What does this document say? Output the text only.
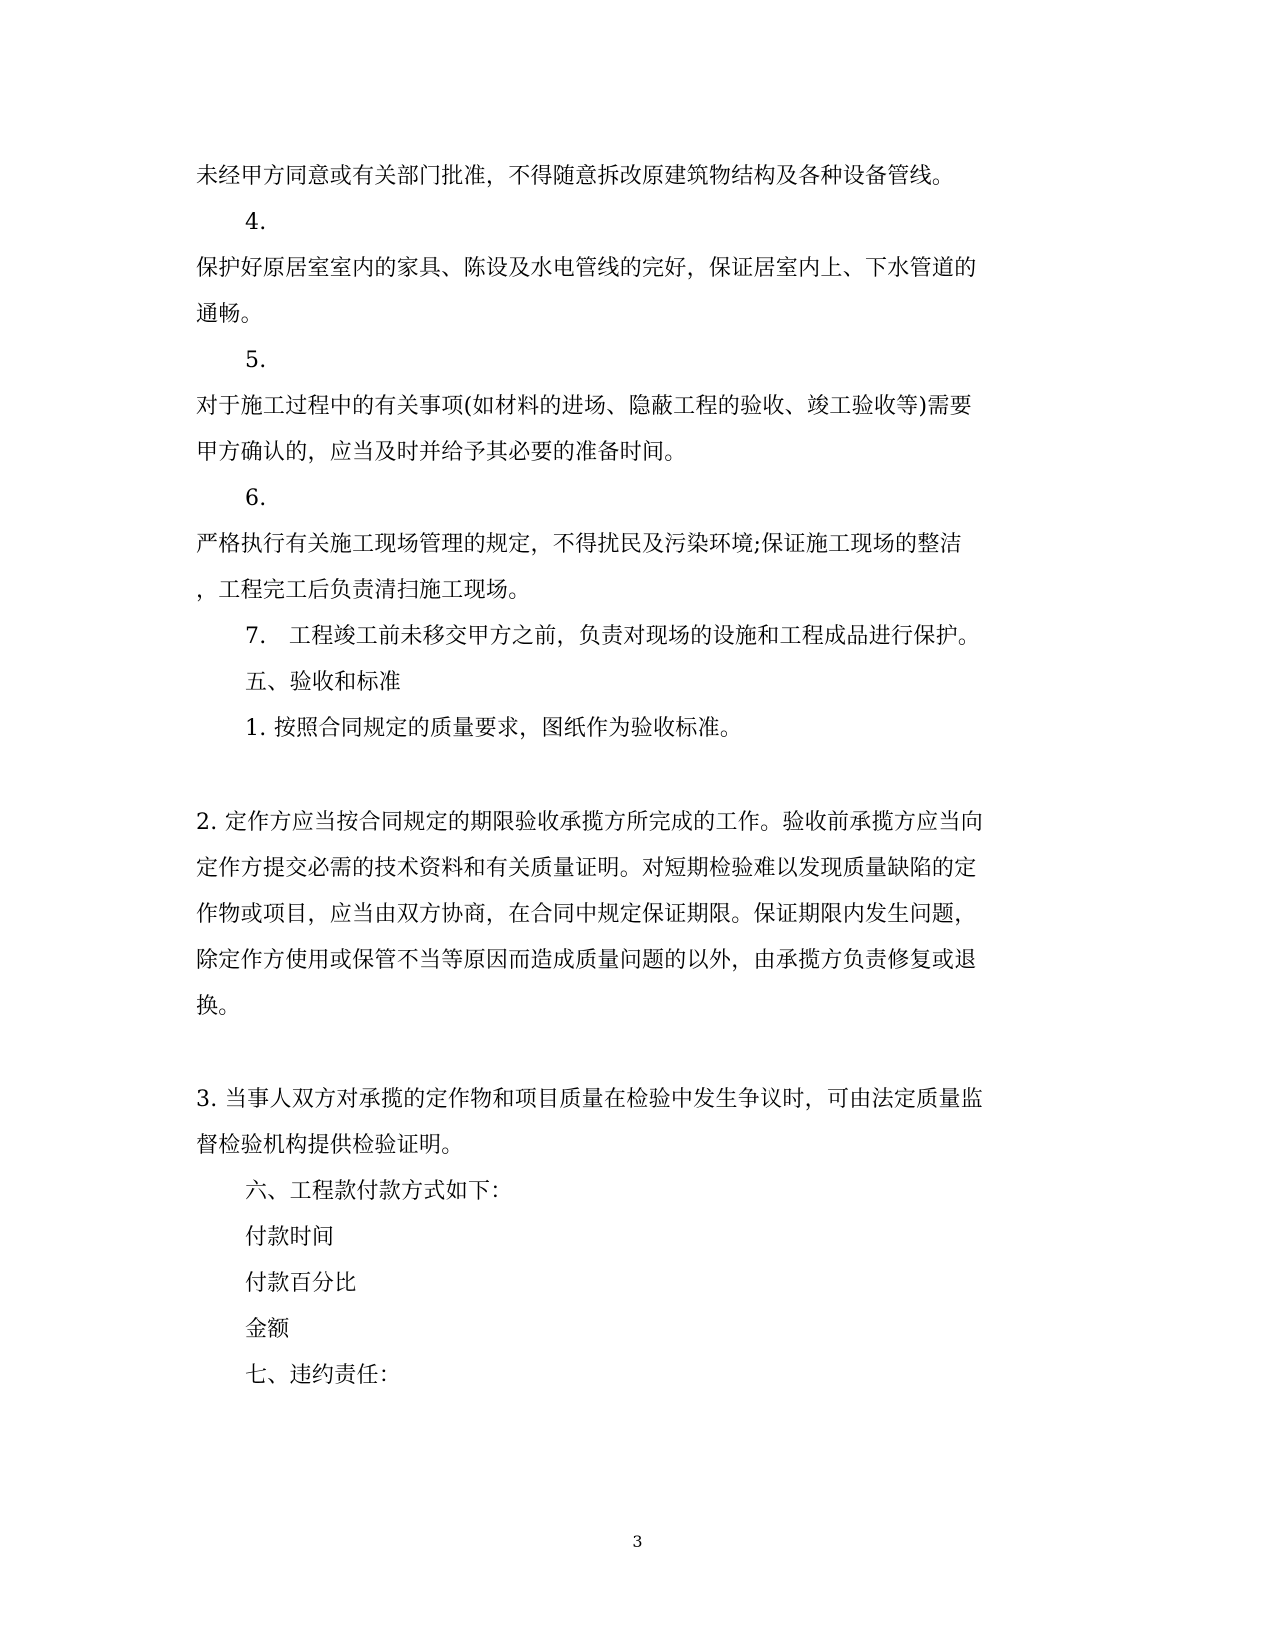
未经甲方同意或有关部门批准，不得随意拆改原建筑物结构及各种设备管线。
4.
保护好原居室室内的家具、陈设及水电管线的完好，保证居室内上、下水管道的
通畅。
5.
对于施工过程中的有关事项(如材料的进场、隐蔽工程的验收、竣工验收等)需要
甲方确认的，应当及时并给予其必要的准备时间。
6.
严格执行有关施工现场管理的规定，不得扰民及污染环境;保证施工现场的整洁
，工程完工后负责清扫施工现场。
7.　工程竣工前未移交甲方之前，负责对现场的设施和工程成品进行保护。
五、验收和标准
1. 按照合同规定的质量要求，图纸作为验收标准。
2. 定作方应当按合同规定的期限验收承揽方所完成的工作。验收前承揽方应当向
定作方提交必需的技术资料和有关质量证明。对短期检验难以发现质量缺陷的定
作物或项目，应当由双方协商，在合同中规定保证期限。保证期限内发生问题，
除定作方使用或保管不当等原因而造成质量问题的以外，由承揽方负责修复或退
换。
3. 当事人双方对承揽的定作物和项目质量在检验中发生争议时，可由法定质量监
督检验机构提供检验证明。
六、工程款付款方式如下：
付款时间
付款百分比
金额
七、违约责任：
3
